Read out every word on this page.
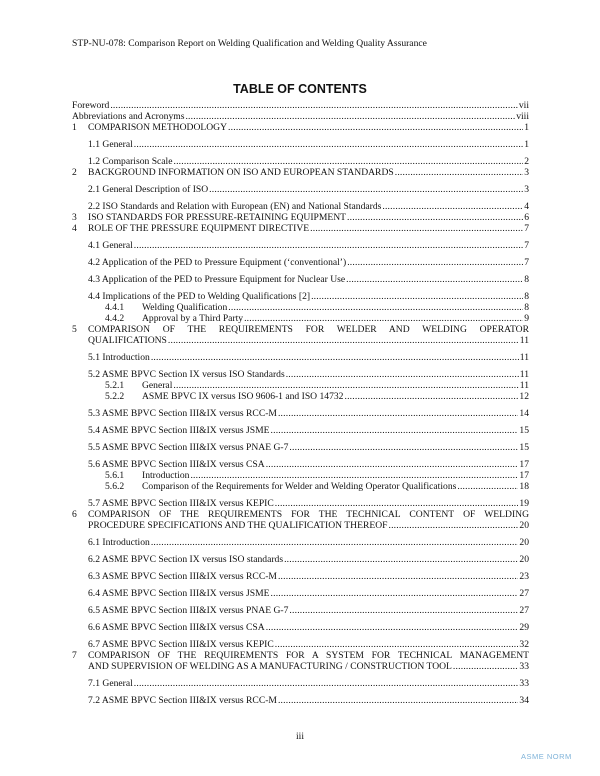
STP-NU-078: Comparison Report on Welding Qualification and Welding Quality Assurance
TABLE OF CONTENTS
Foreword .....	vii
Abbreviations and Acronyms .....	viii
1	COMPARISON METHODOLOGY .....	1
1.1 General .....	1
1.2 Comparison Scale .....	2
2	BACKGROUND INFORMATION ON ISO AND EUROPEAN STANDARDS .....	3
2.1 General Description of ISO .....	3
2.2 ISO Standards and Relation with European (EN) and National Standards .....	4
3	ISO STANDARDS FOR PRESSURE-RETAINING EQUIPMENT .....	6
4	ROLE OF THE PRESSURE EQUIPMENT DIRECTIVE .....	7
4.1 General .....	7
4.2 Application of the PED to Pressure Equipment (‘conventional’) .....	7
4.3 Application of the PED to Pressure Equipment for Nuclear Use .....	8
4.4 Implications of the PED to Welding Qualifications [2] .....	8
4.4.1	Welding Qualification .....	8
4.4.2	Approval by a Third Party .....	9
5	COMPARISON OF THE REQUIREMENTS FOR WELDER AND WELDING OPERATOR
QUALIFICATIONS .....	11
5.1 Introduction .....	11
5.2 ASME BPVC Section IX versus ISO Standards .....	11
5.2.1	General .....	11
5.2.2	ASME BPVC IX versus ISO 9606-1 and ISO 14732 .....	12
5.3 ASME BPVC Section III&IX versus RCC-M .....	14
5.4 ASME BPVC Section III&IX versus JSME .....	15
5.5 ASME BPVC Section III&IX versus PNAE G-7 .....	15
5.6 ASME BPVC Section III&IX versus CSA .....	17
5.6.1	Introduction .....	17
5.6.2	Comparison of the Requirements for Welder and Welding Operator Qualifications .....	18
5.7 ASME BPVC Section III&IX versus KEPIC .....	19
6	COMPARISON OF THE REQUIREMENTS FOR THE TECHNICAL CONTENT OF WELDING
PROCEDURE SPECIFICATIONS AND THE QUALIFICATION THEREOF .....	20
6.1 Introduction .....	20
6.2 ASME BPVC Section IX versus ISO standards .....	20
6.3 ASME BPVC Section III&IX versus RCC-M .....	23
6.4 ASME BPVC Section III&IX versus JSME .....	27
6.5 ASME BPVC Section III&IX versus PNAE G-7 .....	27
6.6 ASME BPVC Section III&IX versus CSA .....	29
6.7 ASME BPVC Section III&IX versus KEPIC .....	32
7	COMPARISON OF THE REQUIREMENTS FOR A SYSTEM FOR TECHNICAL MANAGEMENT
AND SUPERVISION OF WELDING AS A MANUFACTURING / CONSTRUCTION TOOL .....	33
7.1 General .....	33
7.2 ASME BPVC Section III&IX versus RCC-M .....	34
iii
ASME NORM
